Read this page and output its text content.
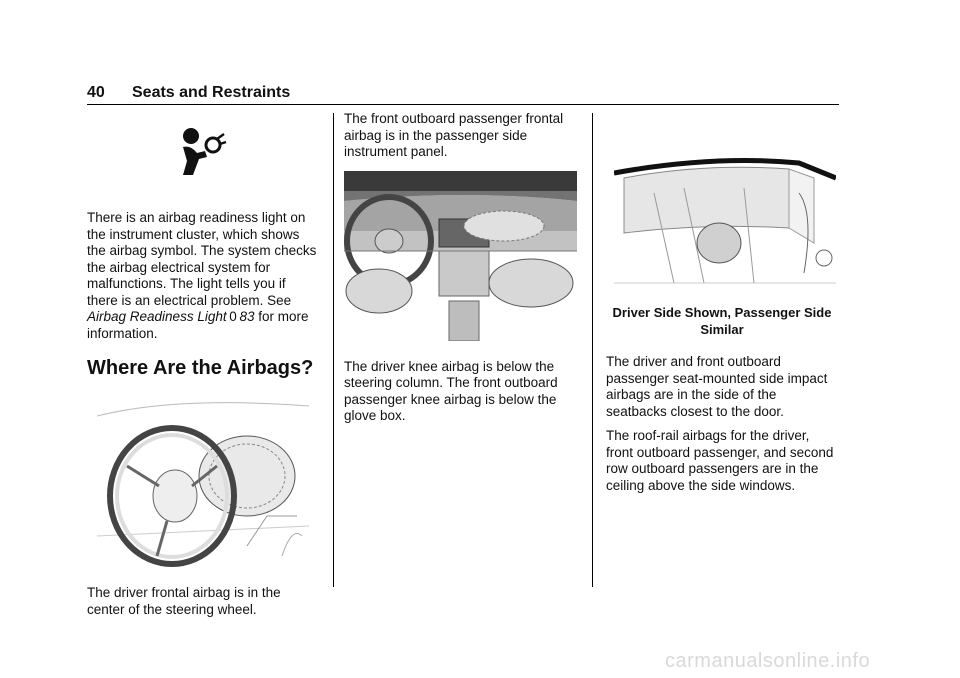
40 Seats and Restraints

There is an airbag readiness light on the instrument cluster, which shows the airbag symbol. The system checks the airbag electrical system for malfunctions. The light tells you if there is an electrical problem. See Airbag Readiness Light  0  83 for more information.

Where Are the Airbags?

The driver frontal airbag is in the center of the steering wheel.

The front outboard passenger frontal airbag is in the passenger side instrument panel.

The driver knee airbag is below the steering column. The front outboard passenger knee airbag is below the glove box.

Driver Side Shown, Passenger Side Similar

The driver and front outboard passenger seat-mounted side impact airbags are in the side of the seatbacks closest to the door.

The roof-rail airbags for the driver, front outboard passenger, and second row outboard passengers are in the ceiling above the side windows.

carmanualsonline.info
